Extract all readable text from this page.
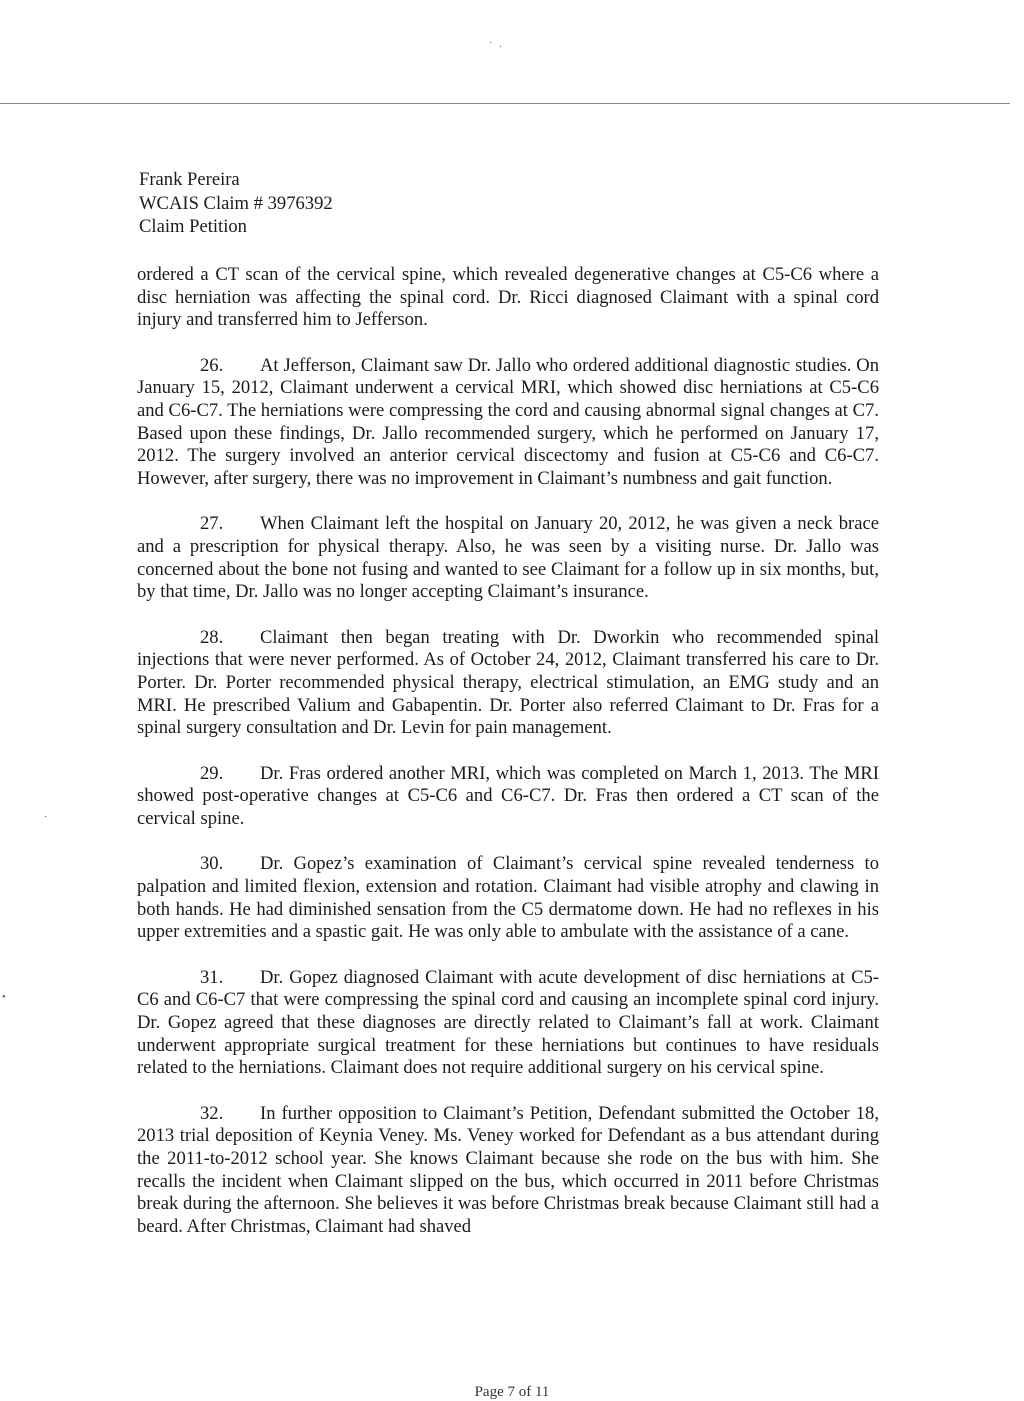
· ·
·
•
Frank Pereira
WCAIS Claim # 3976392
Claim Petition

ordered a CT scan of the cervical spine, which revealed degenerative changes at C5-C6 where a disc herniation was affecting the spinal cord. Dr. Ricci diagnosed Claimant with a spinal cord injury and transferred him to Jefferson.

26. At Jefferson, Claimant saw Dr. Jallo who ordered additional diagnostic studies. On January 15, 2012, Claimant underwent a cervical MRI, which showed disc herniations at C5-C6 and C6-C7. The herniations were compressing the cord and causing abnormal signal changes at C7. Based upon these findings, Dr. Jallo recommended surgery, which he performed on January 17, 2012. The surgery involved an anterior cervical discectomy and fusion at C5-C6 and C6-C7. However, after surgery, there was no improvement in Claimant’s numbness and gait function.

27. When Claimant left the hospital on January 20, 2012, he was given a neck brace and a prescription for physical therapy. Also, he was seen by a visiting nurse. Dr. Jallo was concerned about the bone not fusing and wanted to see Claimant for a follow up in six months, but, by that time, Dr. Jallo was no longer accepting Claimant’s insurance.

28. Claimant then began treating with Dr. Dworkin who recommended spinal injections that were never performed. As of October 24, 2012, Claimant transferred his care to Dr. Porter. Dr. Porter recommended physical therapy, electrical stimulation, an EMG study and an MRI. He prescribed Valium and Gabapentin. Dr. Porter also referred Claimant to Dr. Fras for a spinal surgery consultation and Dr. Levin for pain management.

29. Dr. Fras ordered another MRI, which was completed on March 1, 2013. The MRI showed post-operative changes at C5-C6 and C6-C7. Dr. Fras then ordered a CT scan of the cervical spine.

30. Dr. Gopez’s examination of Claimant’s cervical spine revealed tenderness to palpation and limited flexion, extension and rotation. Claimant had visible atrophy and clawing in both hands. He had diminished sensation from the C5 dermatome down. He had no reflexes in his upper extremities and a spastic gait. He was only able to ambulate with the assistance of a cane.

31. Dr. Gopez diagnosed Claimant with acute development of disc herniations at C5-C6 and C6-C7 that were compressing the spinal cord and causing an incomplete spinal cord injury. Dr. Gopez agreed that these diagnoses are directly related to Claimant’s fall at work. Claimant underwent appropriate surgical treatment for these herniations but continues to have residuals related to the herniations. Claimant does not require additional surgery on his cervical spine.

32. In further opposition to Claimant’s Petition, Defendant submitted the October 18, 2013 trial deposition of Keynia Veney. Ms. Veney worked for Defendant as a bus attendant during the 2011-to-2012 school year. She knows Claimant because she rode on the bus with him. She recalls the incident when Claimant slipped on the bus, which occurred in 2011 before Christmas break during the afternoon. She believes it was before Christmas break because Claimant still had a beard. After Christmas, Claimant had shaved

Page 7 of 11
